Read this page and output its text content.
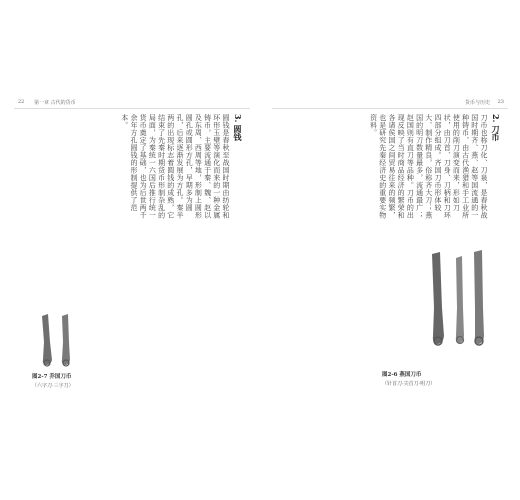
22 第一章 古代的货币
3. 圆钱
圆钱是春秋至战国时期由纺轮和环形玉璧等演化而来的一种金属铸币，主要流通于秦、魏、赵以及东周、西周等地，形制上圆形圆孔或圆形方孔，早期多为圆孔，后来逐渐发展为方孔。秦半两的出现标志着圆钱的成熟，它结束了先秦时期货币形制杂乱的局面，为秦统一六国后推行统一货币奠定了基础，也为后世两千余年方孔圆钱的形制提供了范本。
图2-7 乔国刀币
（六字刀·三字刀）
货币与历史 23
2. 刀币
刀币也称刀化、刀泉，是春秋战国时期齐、燕、赵等国流通的一种铸币，由古代渔猎和手工业所使用的削刀演变而来，形如刀状，由刀首、刀身、刀柄和刀环四部分组成。齐国刀币形体较大、制作精良，俗称齐大刀；燕国的明刀数量最多，流通最广；赵国则有直刀等品种。刀币的出现反映了当时商品经济的繁荣和各诸侯国之间贸易往来的频繁，也是研究先秦经济史的重要实物资料。
图2-6 燕国刀币
（针首刀·尖首刀·明刀）
